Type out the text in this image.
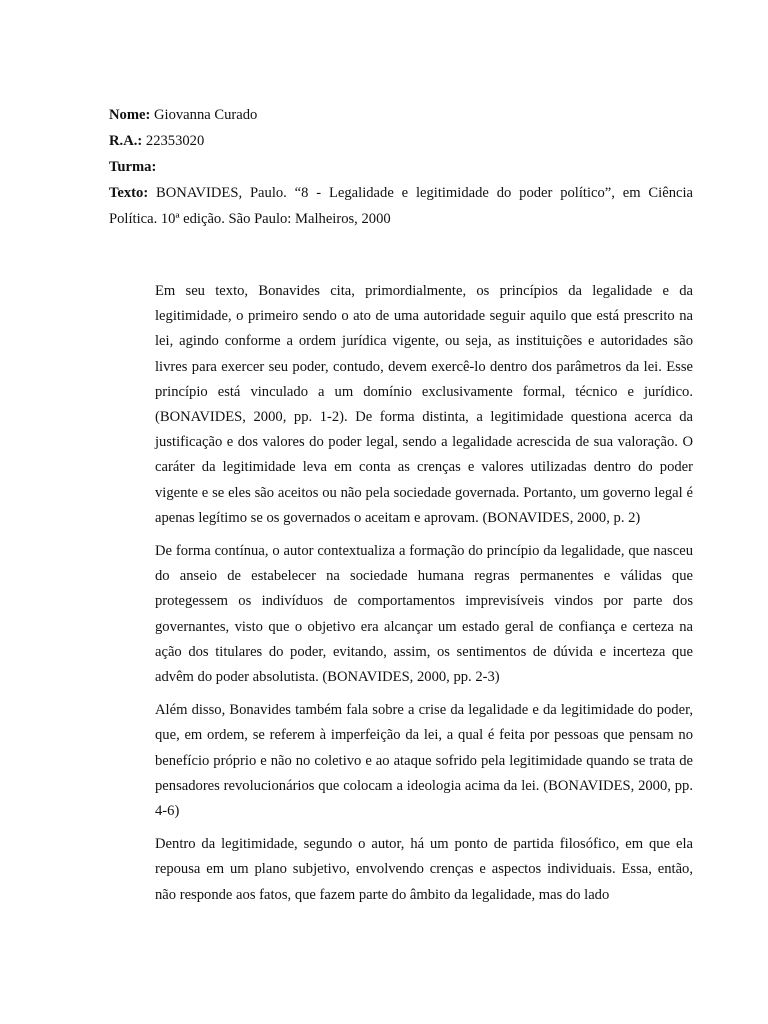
Nome: Giovanna Curado

R.A.: 22353020

Turma:

Texto: BONAVIDES, Paulo. “8 - Legalidade e legitimidade do poder político”, em Ciência Política. 10ª edição. São Paulo: Malheiros, 2000

Em seu texto, Bonavides cita, primordialmente, os princípios da legalidade e da legitimidade, o primeiro sendo o ato de uma autoridade seguir aquilo que está prescrito na lei, agindo conforme a ordem jurídica vigente, ou seja, as instituições e autoridades são livres para exercer seu poder, contudo, devem exercê-lo dentro dos parâmetros da lei. Esse princípio está vinculado a um domínio exclusivamente formal, técnico e jurídico. (BONAVIDES, 2000, pp. 1-2). De forma distinta, a legitimidade questiona acerca da justificação e dos valores do poder legal, sendo a legalidade acrescida de sua valoração. O caráter da legitimidade leva em conta as crenças e valores utilizadas dentro do poder vigente e se eles são aceitos ou não pela sociedade governada. Portanto, um governo legal é apenas legítimo se os governados o aceitam e aprovam. (BONAVIDES, 2000, p. 2)

De forma contínua, o autor contextualiza a formação do princípio da legalidade, que nasceu do anseio de estabelecer na sociedade humana regras permanentes e válidas que protegessem os indivíduos de comportamentos imprevisíveis vindos por parte dos governantes, visto que o objetivo era alcançar um estado geral de confiança e certeza na ação dos titulares do poder, evitando, assim, os sentimentos de dúvida e incerteza que advêm do poder absolutista. (BONAVIDES, 2000, pp. 2-3)

Além disso, Bonavides também fala sobre a crise da legalidade e da legitimidade do poder, que, em ordem, se referem à imperfeição da lei, a qual é feita por pessoas que pensam no benefício próprio e não no coletivo e ao ataque sofrido pela legitimidade quando se trata de pensadores revolucionários que colocam a ideologia acima da lei. (BONAVIDES, 2000, pp. 4-6)

Dentro da legitimidade, segundo o autor, há um ponto de partida filosófico, em que ela repousa em um plano subjetivo, envolvendo crenças e aspectos individuais. Essa, então, não responde aos fatos, que fazem parte do âmbito da legalidade, mas do lado
